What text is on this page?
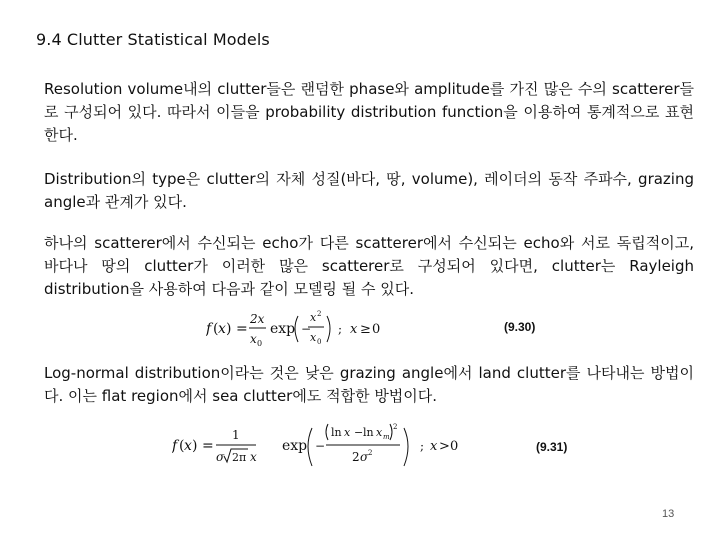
9.4 Clutter Statistical Models
Resolution volume내의 clutter들은 랜덤한 phase와 amplitude를 가진 많은 수의 scatterer들로 구성되어 있다. 따라서 이들을 probability distribution function을 이용하여 통계적으로 표현한다.
Distribution의 type은 clutter의 자체 성질(바다, 땅, volume), 레이더의 동작 주파수, grazing angle과 관계가 있다.
하나의 scatterer에서 수신되는 echo가 다른 scatterer에서 수신되는 echo와 서로 독립적이고, 바다나 땅의 clutter가 이러한 많은 scatterer로 구성되어 있다면, clutter는 Rayleigh distribution을 사용하여 다음과 같이 모델링 될 수 있다.
f ( x ) =
2x
x 0
exp −
x 2
x 0
; x ≥ 0	(9.30)
Log-normal distribution이라는 것은 낮은 grazing angle에서 land clutter를 나타내는 방법이다. 이는 flat region에서 sea clutter에도 적합한 방법이다.
f ( x ) =
1
σ 2π x
exp −
ln x − ln x m
2
2 σ 2	; x > 0	(9.31)
13
